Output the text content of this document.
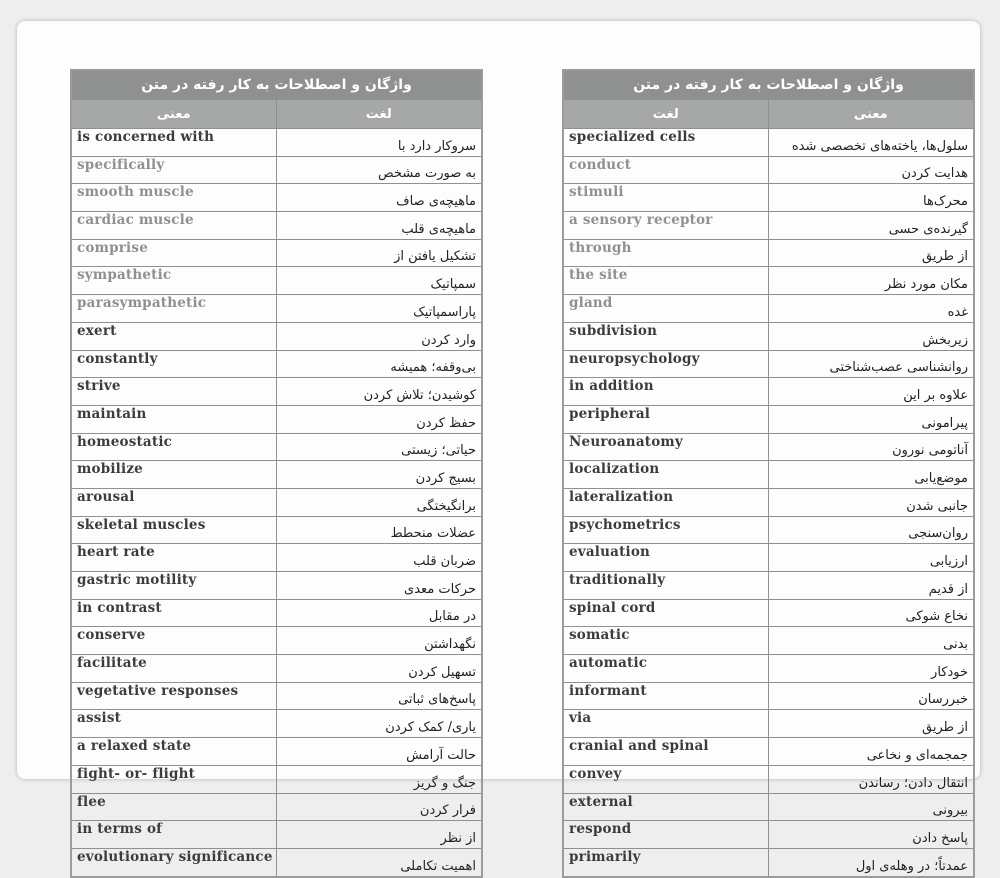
واژگان و اصطلاحات به کار رفته در متن	
معنی	لغت
is concerned with	سروکار دارد با
specifically	به صورت مشخص
smooth muscle	ماهیچه‌ی صاف
cardiac muscle	ماهیچه‌ی قلب
comprise	تشکیل یافتن از
sympathetic	سمپاتیک
parasympathetic	پاراسمپاتیک
exert	وارد کردن
constantly	بی‌وقفه؛ همیشه
strive	کوشیدن؛ تلاش کردن
maintain	حفظ کردن
homeostatic	حیاتی؛ زیستی
mobilize	بسیج کردن
arousal	برانگیختگی
skeletal muscles	عضلات منحطط
heart rate	ضربان قلب
gastric motility	حرکات معدی
in contrast	در مقابل
conserve	نگهداشتن
facilitate	تسهیل کردن
vegetative responses	پاسخ‌های ثباتی
assist	یاری/ کمک کردن
a relaxed state	حالت آرامش
fight- or- flight	جنگ و گریز
flee	فرار کردن
in terms of	از نظر
evolutionary significance	اهمیت تکاملی
واژگان و اصطلاحات به کار رفته در متن	
لغت	معنی
specialized cells	سلول‌ها، یاخته‌های تخصصی شده
conduct	هدایت کردن
stimuli	محرک‌ها
a sensory receptor	گیرنده‌ی حسی
through	از طریق
the site	مکان مورد نظر
gland	غده
subdivision	زیربخش
neuropsychology	روانشناسی عصب‌شناختی
in addition	علاوه بر این
peripheral	پیرامونی
Neuroanatomy	آناتومی نورون
localization	موضع‌یابی
lateralization	جانبی شدن
psychometrics	روان‌سنجی
evaluation	ارزیابی
traditionally	از قدیم
spinal cord	نخاع شوکی
somatic	بدنی
automatic	خودکار
informant	خبررسان
via	از طریق
cranial and spinal	جمجمه‌ای و نخاعی
convey	انتقال دادن؛ رساندن
external	بیرونی
respond	پاسخ دادن
primarily	عمدتاً؛ در وهله‌ی اول
